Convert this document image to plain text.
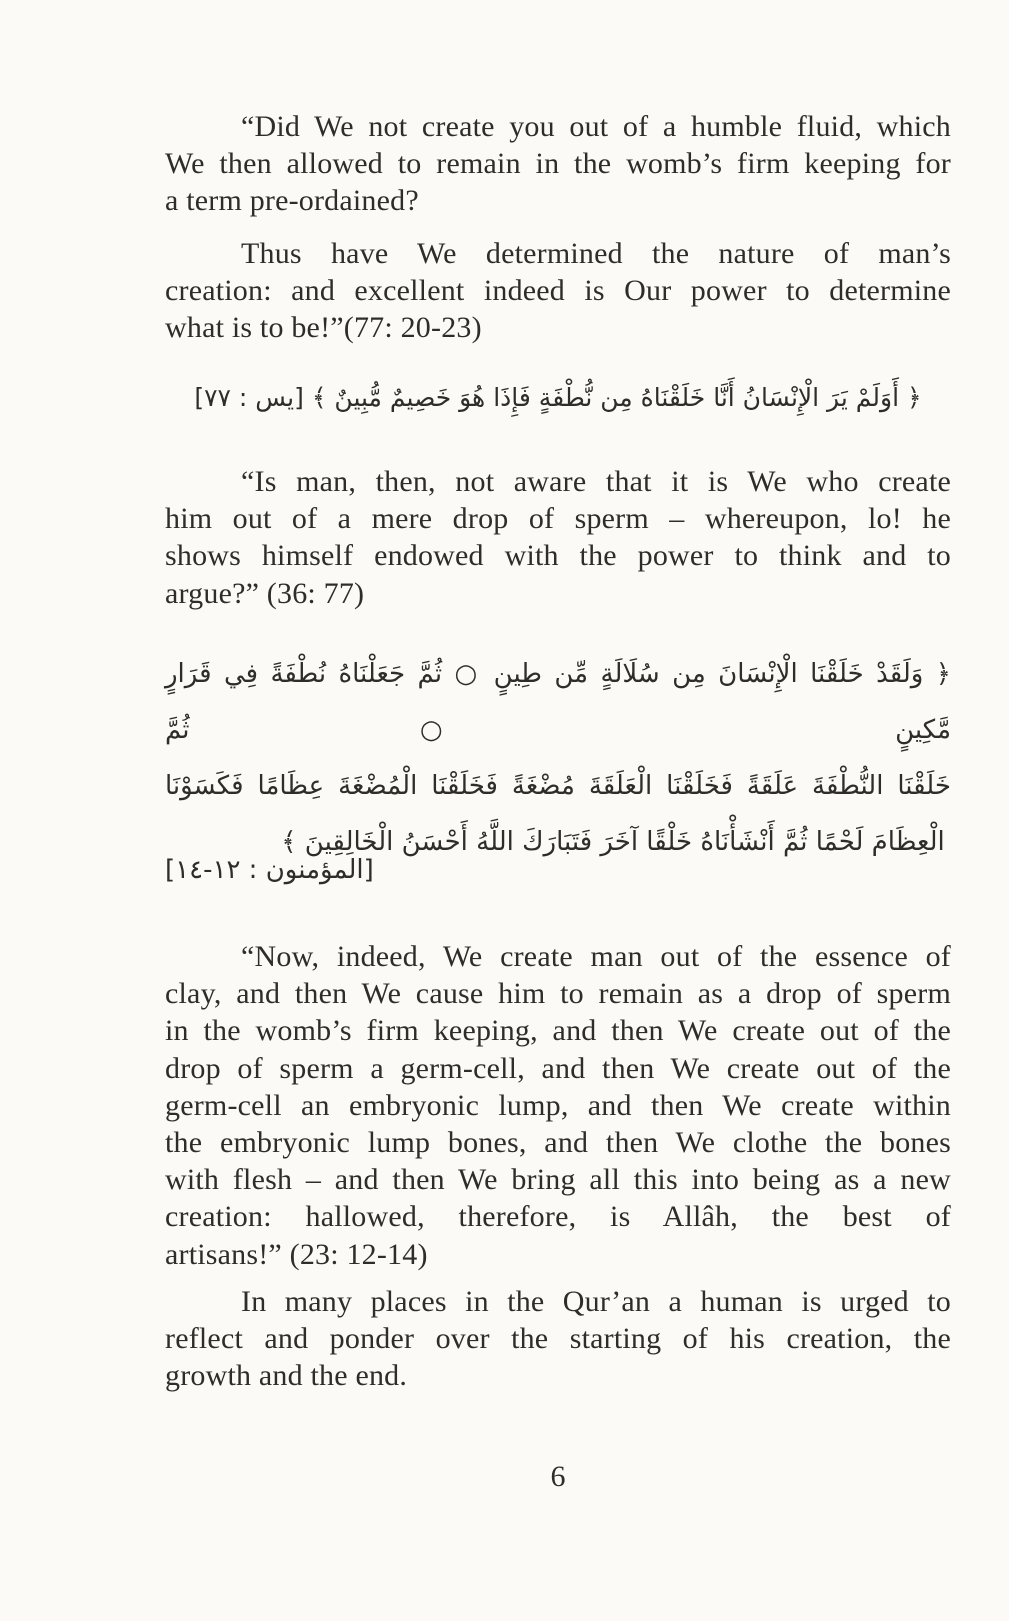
“Did We not create you out of a humble fluid, which
We then allowed to remain in the womb’s firm keeping for
a term pre-ordained?
Thus have We determined the nature of man’s
creation: and excellent indeed is Our power to determine
what is to be!”(77: 20-23)
﴿ أَوَلَمْ يَرَ الْإِنْسَانُ أَنَّا خَلَقْنَاهُ مِن نُّطْفَةٍ فَإِذَا هُوَ خَصِيمٌ مُّبِينٌ ﴾ [يس : ٧٧]
“Is man, then, not aware that it is We who create
him out of a mere drop of sperm – whereupon, lo! he
shows himself endowed with the power to think and to
argue?” (36: 77)
﴿ وَلَقَدْ خَلَقْنَا الْإِنْسَانَ مِن سُلَالَةٍ مِّن طِينٍ ○ ثُمَّ جَعَلْنَاهُ نُطْفَةً فِي قَرَارٍ مَّكِينٍ ○ ثُمَّ
خَلَقْنَا النُّطْفَةَ عَلَقَةً فَخَلَقْنَا الْعَلَقَةَ مُضْغَةً فَخَلَقْنَا الْمُضْغَةَ عِظَامًا فَكَسَوْنَا
الْعِظَامَ لَحْمًا ثُمَّ أَنْشَأْنَاهُ خَلْقًا آخَرَ فَتَبَارَكَ اللَّهُ أَحْسَنُ الْخَالِقِينَ ﴾
[المؤمنون : ١٢-١٤]
“Now, indeed, We create man out of the essence of
clay, and then We cause him to remain as a drop of sperm
in the womb’s firm keeping, and then We create out of the
drop of sperm a germ-cell, and then We create out of the
germ-cell an embryonic lump, and then We create within
the embryonic lump bones, and then We clothe the bones
with flesh – and then We bring all this into being as a new
creation: hallowed, therefore, is Allâh, the best of
artisans!” (23: 12-14)
In many places in the Qur’an a human is urged to
reflect and ponder over the starting of his creation, the
growth and the end.
6
